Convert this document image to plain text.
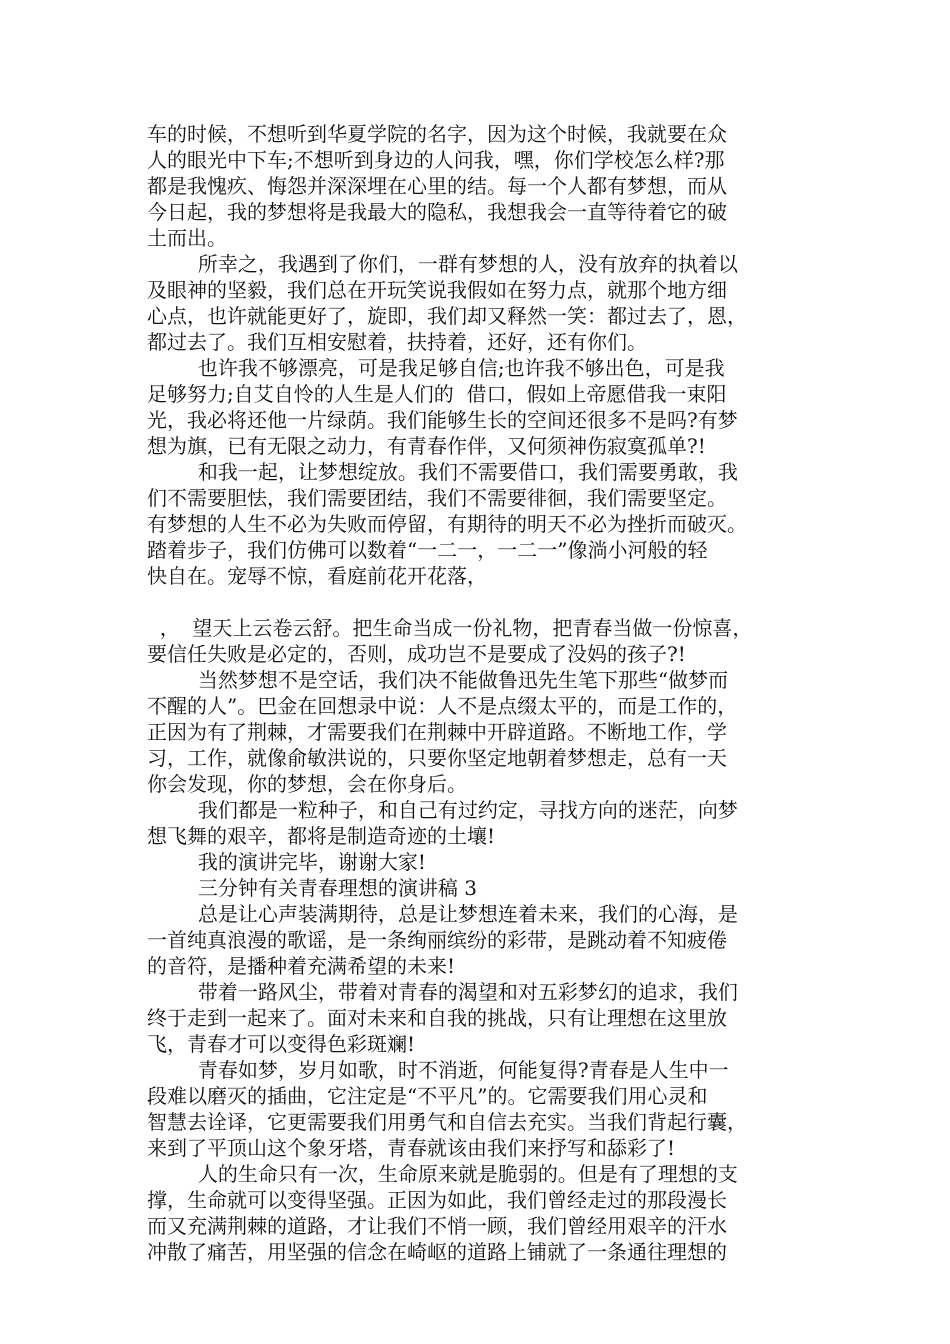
车的时候，不想听到华夏学院的名字，因为这个时候，我就要在众
人的眼光中下车;不想听到身边的人问我，嘿，你们学校怎么样?那
都是我愧疚、悔怨并深深埋在心里的结。每一个人都有梦想，而从
今日起，我的梦想将是我最大的隐私，我想我会一直等待着它的破
土而出。
所幸之，我遇到了你们，一群有梦想的人，没有放弃的执着以
及眼神的坚毅，我们总在开玩笑说我假如在努力点，就那个地方细
心点，也许就能更好了，旋即，我们却又释然一笑：都过去了，恩，
都过去了。我们互相安慰着，扶持着，还好，还有你们。
也许我不够漂亮，可是我足够自信;也许我不够出色，可是我
足够努力;自艾自怜的人生是人们的  借口，假如上帝愿借我一束阳
光，我必将还他一片绿荫。我们能够生长的空间还很多不是吗?有梦
想为旗，已有无限之动力，有青春作伴，又何须神伤寂寞孤单?!
和我一起，让梦想绽放。我们不需要借口，我们需要勇敢，我
们不需要胆怯，我们需要团结，我们不需要徘徊，我们需要坚定。
有梦想的人生不必为失败而停留，有期待的明天不必为挫折而破灭。
踏着步子，我们仿佛可以数着“一二一，一二一”像淌小河般的轻
快自在。宠辱不惊，看庭前花开花落，
，  望天上云卷云舒。把生命当成一份礼物，把青春当做一份惊喜，
要信任失败是必定的，否则，成功岂不是要成了没妈的孩子?!
当然梦想不是空话，我们决不能做鲁迅先生笔下那些“做梦而
不醒的人”。巴金在回想录中说：人不是点缀太平的，而是工作的，
正因为有了荆棘，才需要我们在荆棘中开辟道路。不断地工作，学
习，工作，就像俞敏洪说的，只要你坚定地朝着梦想走，总有一天
你会发现，你的梦想，会在你身后。
我们都是一粒种子，和自己有过约定，寻找方向的迷茫，向梦
想飞舞的艰辛，都将是制造奇迹的土壤!
我的演讲完毕，谢谢大家!
三分钟有关青春理想的演讲稿 3
总是让心声装满期待，总是让梦想连着未来，我们的心海，是
一首纯真浪漫的歌谣，是一条绚丽缤纷的彩带，是跳动着不知疲倦
的音符，是播种着充满希望的未来!
带着一路风尘，带着对青春的渴望和对五彩梦幻的追求，我们
终于走到一起来了。面对未来和自我的挑战，只有让理想在这里放
飞，青春才可以变得色彩斑斓!
青春如梦，岁月如歌，时不消逝，何能复得?青春是人生中一
段难以磨灭的插曲，它注定是“不平凡”的。它需要我们用心灵和
智慧去诠译，它更需要我们用勇气和自信去充实。当我们背起行囊，
来到了平顶山这个象牙塔，青春就该由我们来抒写和舔彩了!
人的生命只有一次，生命原来就是脆弱的。但是有了理想的支
撑，生命就可以变得坚强。正因为如此，我们曾经走过的那段漫长
而又充满荆棘的道路，才让我们不悄一顾，我们曾经用艰辛的汗水
冲散了痛苦，用坚强的信念在崎岖的道路上铺就了一条通往理想的
